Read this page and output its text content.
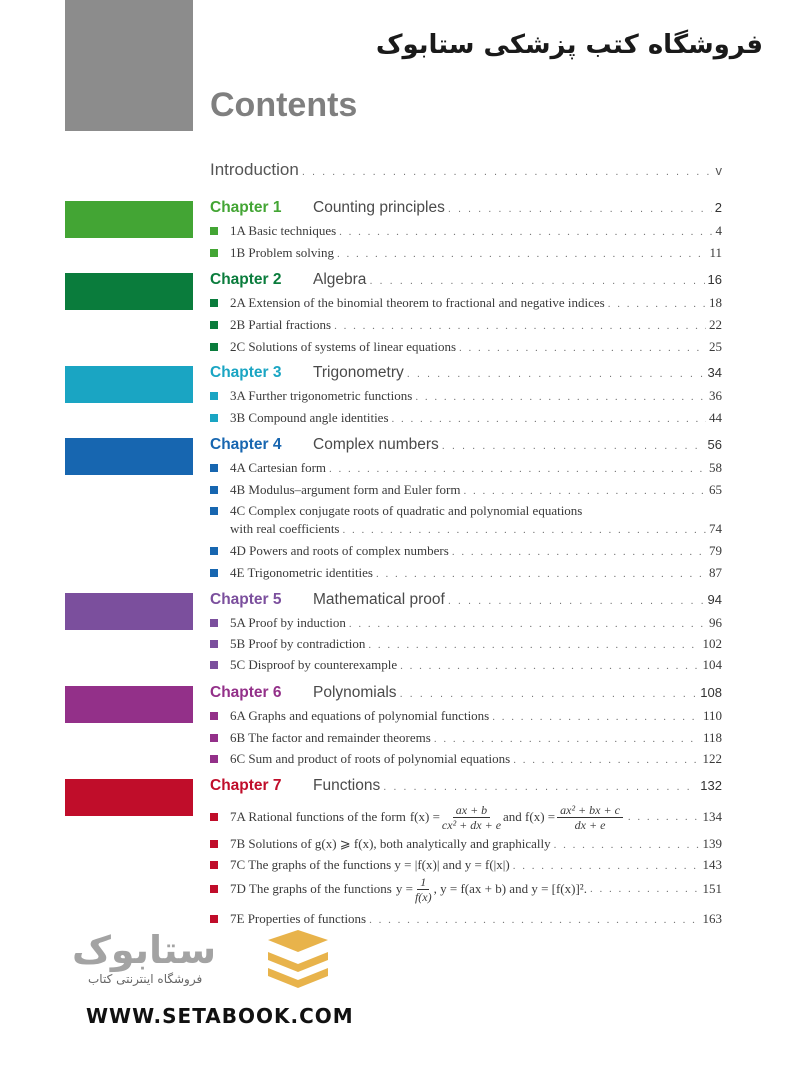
فروشگاه کتب پزشکی ستابوک
Contents
Introduction . . .	v
Chapter 1	Counting principles . . .	2
1A Basic techniques . . .	4
1B Problem solving . . .	11
Chapter 2	Algebra . . .	16
2A Extension of the binomial theorem to fractional and negative indices . . .	18
2B Partial fractions . . .	22
2C Solutions of systems of linear equations . . .	25
Chapter 3	Trigonometry . . .	34
3A Further trigonometric functions . . .	36
3B Compound angle identities . . .	44
Chapter 4	Complex numbers . . .	56
4A Cartesian form . . .	58
4B Modulus–argument form and Euler form . . .	65
4C Complex conjugate roots of quadratic and polynomial equations
with real coefficients . . .	74
4D Powers and roots of complex numbers . . .	79
4E Trigonometric identities . . .	87
Chapter 5	Mathematical proof . . .	94
5A Proof by induction . . .	96
5B Proof by contradiction . . .	102
5C Disproof by counterexample . . .	104
Chapter 6	Polynomials . . .	108
6A Graphs and equations of polynomial functions . . .	110
6B The factor and remainder theorems . . .	118
6C Sum and product of roots of polynomial equations . . .	122
Chapter 7	Functions . . .	132
7A Rational functions of the form $f(x) = \frac{ax + b}{\text{cx² + dx + e}}$ and $f(x) = \frac{\text{ax² + bx + c}}{dx + e}$ . . .	134
7B Solutions of g(x) ⩾ f(x), both analytically and graphically . . .	139
7C The graphs of the functions y = |f(x)| and y = f(|x|) . . .	143
7D The graphs of the functions $y = \frac{1}{f(x)}$ , y = f(ax + b) and y = [f(x)]². . . .	151
7E Properties of functions . . .	163
ستابوک
فروشگاه اینترنتی کتاب
WWW.SETABOOK.COM
